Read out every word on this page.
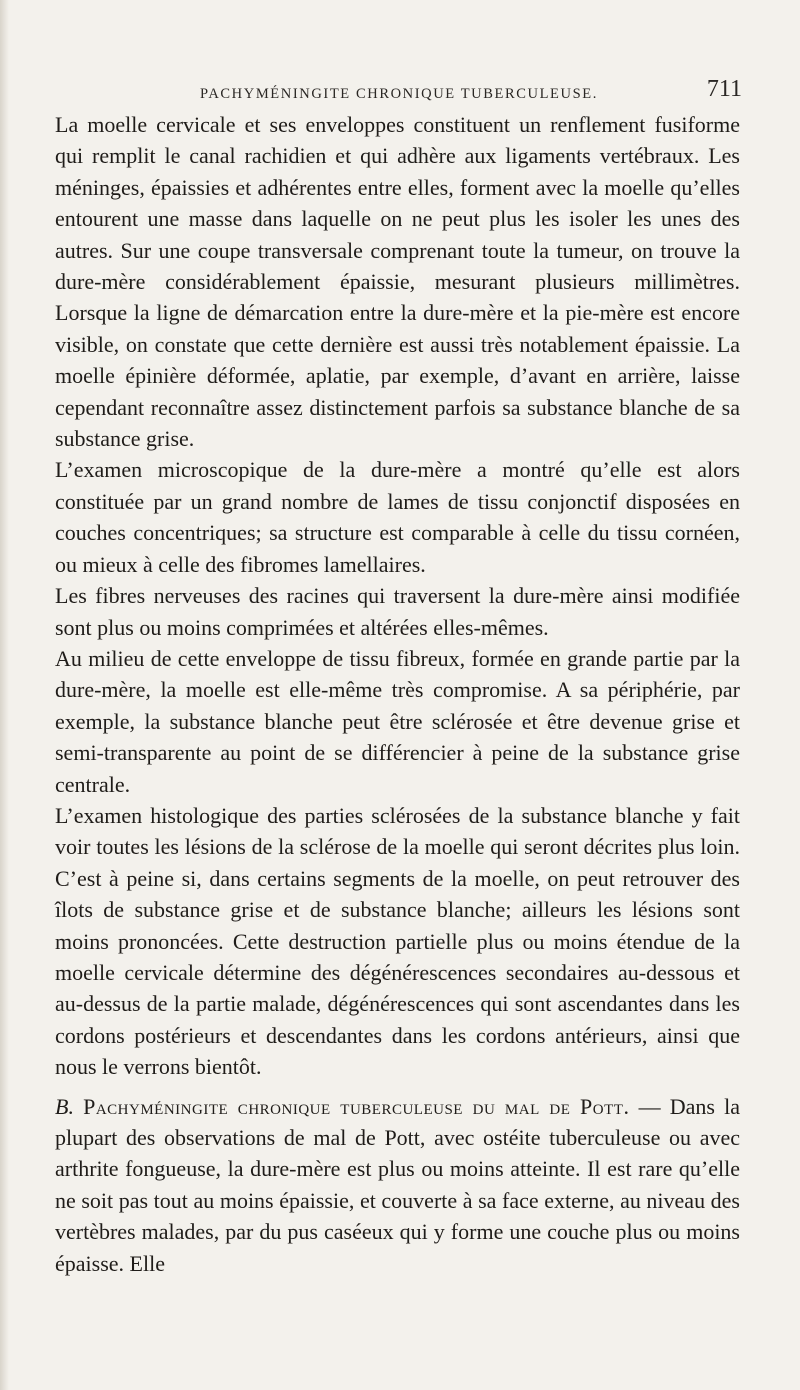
PACHYMÉNINGITE CHRONIQUE TUBERCULEUSE.	711

La moelle cervicale et ses enveloppes constituent un renflement fusiforme qui remplit le canal rachidien et qui adhère aux ligaments vertébraux. Les méninges, épaissies et adhérentes entre elles, forment avec la moelle qu’elles entourent une masse dans laquelle on ne peut plus les isoler les unes des autres. Sur une coupe transversale comprenant toute la tumeur, on trouve la dure-mère considérablement épaissie, mesurant plusieurs millimètres. Lorsque la ligne de démarcation entre la dure-mère et la pie-mère est encore visible, on constate que cette dernière est aussi très notablement épaissie. La moelle épinière déformée, aplatie, par exemple, d’avant en arrière, laisse cependant reconnaître assez distinctement parfois sa substance blanche de sa substance grise.

L’examen microscopique de la dure-mère a montré qu’elle est alors constituée par un grand nombre de lames de tissu conjonctif disposées en couches concentriques; sa structure est comparable à celle du tissu cornéen, ou mieux à celle des fibromes lamellaires.

Les fibres nerveuses des racines qui traversent la dure-mère ainsi modifiée sont plus ou moins comprimées et altérées elles-mêmes.

Au milieu de cette enveloppe de tissu fibreux, formée en grande partie par la dure-mère, la moelle est elle-même très compromise. A sa périphérie, par exemple, la substance blanche peut être sclérosée et être devenue grise et semi-transparente au point de se différencier à peine de la substance grise centrale.

L’examen histologique des parties sclérosées de la substance blanche y fait voir toutes les lésions de la sclérose de la moelle qui seront décrites plus loin. C’est à peine si, dans certains segments de la moelle, on peut retrouver des îlots de substance grise et de substance blanche; ailleurs les lésions sont moins prononcées. Cette destruction partielle plus ou moins étendue de la moelle cervicale détermine des dégénérescences secondaires au-dessous et au-dessus de la partie malade, dégénérescences qui sont ascendantes dans les cordons postérieurs et descendantes dans les cordons antérieurs, ainsi que nous le verrons bientôt.

B. Pachyméningite chronique tuberculeuse du mal de Pott. — Dans la plupart des observations de mal de Pott, avec ostéite tuberculeuse ou avec arthrite fongueuse, la dure-mère est plus ou moins atteinte. Il est rare qu’elle ne soit pas tout au moins épaissie, et couverte à sa face externe, au niveau des vertèbres malades, par du pus caséeux qui y forme une couche plus ou moins épaisse. Elle
